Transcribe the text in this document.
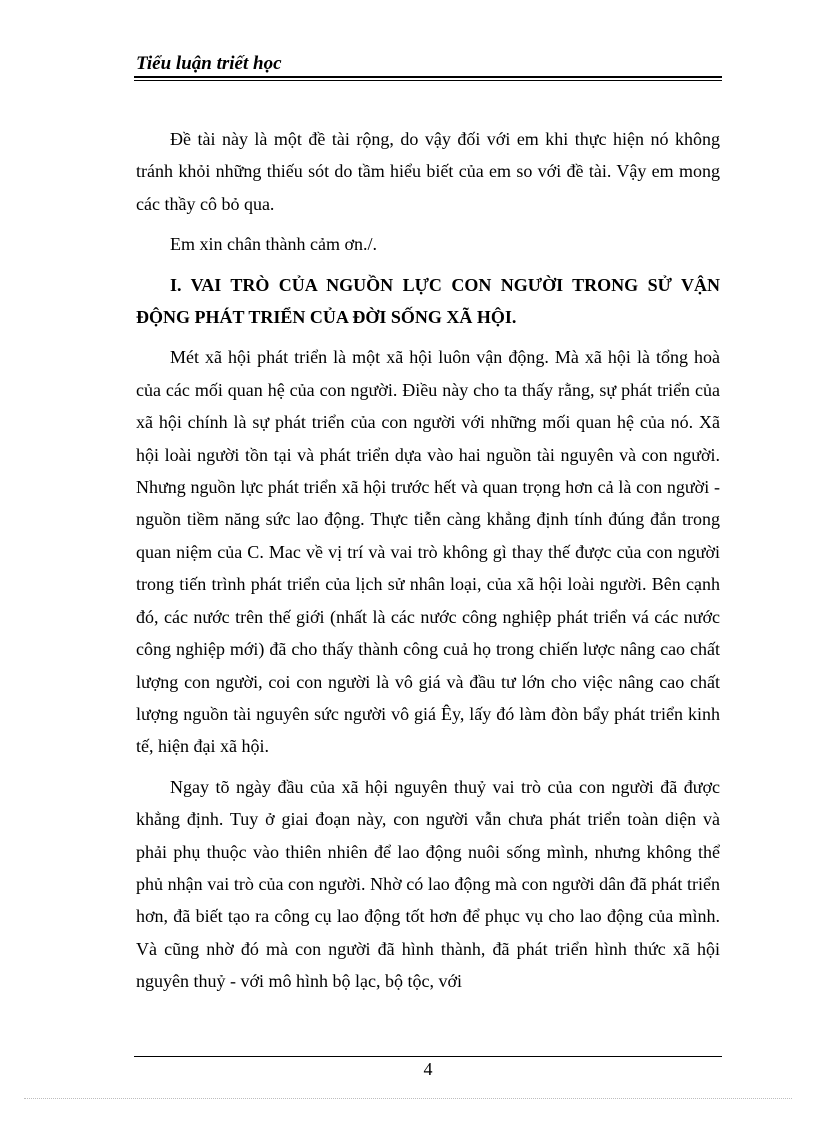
Tiểu luận triết học

Đề tài này là một đề tài rộng, do vậy đối với em khi thực hiện nó không tránh khỏi những thiếu sót do tầm hiểu biết của em so với đề tài. Vậy em mong các thầy cô bỏ qua.

Em xin chân thành cảm ơn./.

I. VAI TRÒ CỦA NGUỒN LỰC CON NGƯỜI TRONG SỬ VẬN ĐỘNG PHÁT TRIỂN CỦA ĐỜI SỐNG XÃ HỘI.

Mét xã hội phát triển là một xã hội luôn vận động. Mà xã hội là tổng hoà của các mối quan hệ của con người. Điều này cho ta thấy rằng, sự phát triển của xã hội chính là sự phát triển của con người với những mối quan hệ của nó. Xã hội loài người tồn tại và phát triển dựa vào hai nguồn tài nguyên và con người. Nhưng nguồn lực phát triển xã hội trước hết và quan trọng hơn cả là con người - nguồn tiềm năng sức lao động. Thực tiễn càng khẳng định tính đúng đắn trong quan niệm của C. Mac về vị trí và vai trò không gì thay thế được của con người trong tiến trình phát triển của lịch sử nhân loại, của xã hội loài người. Bên cạnh đó, các nước trên thế giới (nhất là các nước công nghiệp phát triển vá các nước công nghiệp mới) đã cho thấy thành công cuả họ trong chiến lược nâng cao chất lượng con người, coi con người là vô giá và đầu tư lớn cho việc nâng cao chất lượng nguồn tài nguyên sức người vô giá Êy, lấy đó làm đòn bẩy phát triển kinh tế, hiện đại xã hội.

Ngay tõ ngày đầu của xã hội nguyên thuỷ vai trò của con người đã được khẳng định. Tuy ở giai đoạn này, con người vẫn chưa phát triển toàn diện và phải phụ thuộc vào thiên nhiên để lao động nuôi sống mình, nhưng không thể phủ nhận vai trò của con người. Nhờ có lao động mà con người dân đã phát triển hơn, đã biết tạo ra công cụ lao động tốt hơn để phục vụ cho lao động của mình. Và cũng nhờ đó mà con người đã hình thành, đã phát triển hình thức xã hội nguyên thuỷ - với mô hình bộ lạc, bộ tộc, với

4
